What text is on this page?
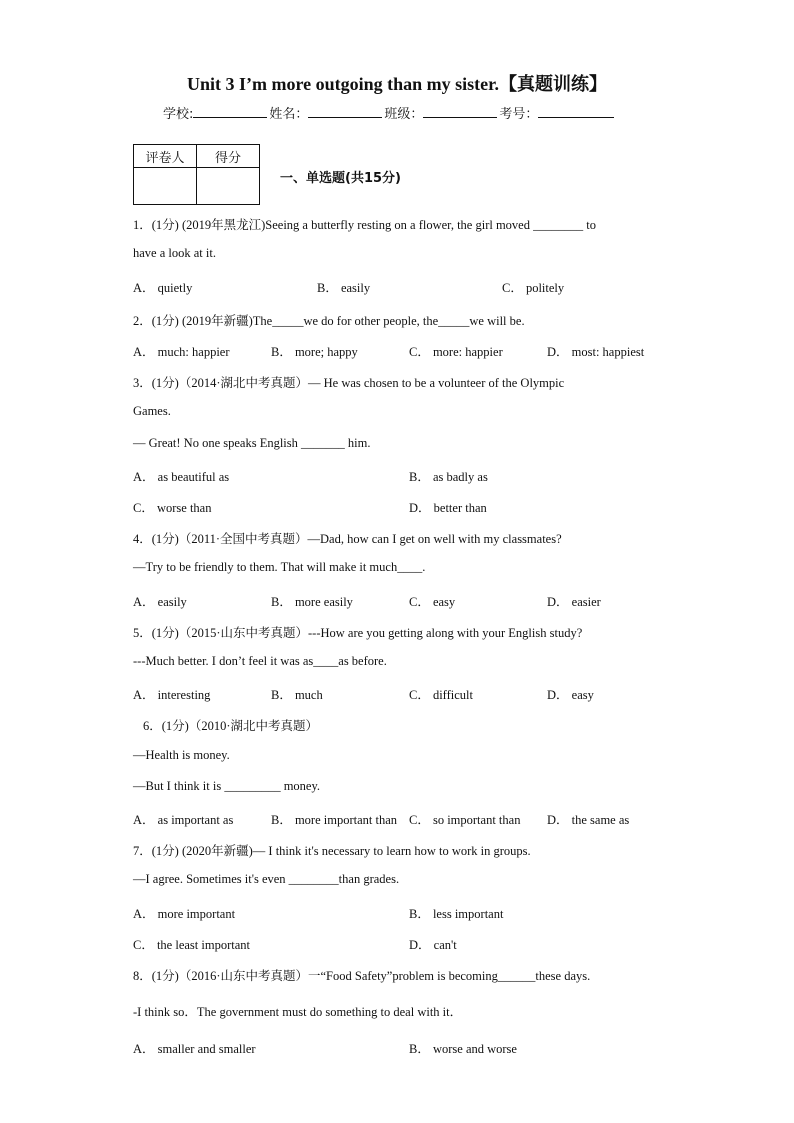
Unit 3 I’m more outgoing than my sister.【真题训练】
学校:	姓名：	班级：	考号：
评卷人	得分

一、单选题(共15分)
1．(1分) (2019年黑龙江)Seeing a butterfly resting on a flower, the girl moved ________ to
have a look at it.
A． quietly	B． easily	C． politely
2．(1分) (2019年新疆)The_____we do for other people, the_____we will be.
A． much: happier	B． more; happy	C． more: happier	D． most: happiest
3．(1分)（2014·湖北中考真题）— He was chosen to be a volunteer of the Olympic
Games.
— Great! No one speaks English _______ him.
A． as beautiful as	B． as badly as
C． worse than	D． better than
4．(1分)（2011·全国中考真题）—Dad, how can I get on well with my classmates?
—Try to be friendly to them. That will make it much____.
A． easily	B． more easily	C． easy	D． easier
5．(1分)（2015·山东中考真题）---How are you getting along with your English study?
---Much better. I don’t feel it was as____as before.
A． interesting	B． much	C． difficult	D． easy
6．(1分)（2010·湖北中考真题）
—Health is money.
—But I think it is _________ money.
A． as important as	B． more important than C． so important than D． the same as
7．(1分) (2020年新疆)— I think it's necessary to learn how to work in groups.
—I agree. Sometimes it's even ________than grades.
A． more important	B． less important
C． the least important	D． can't
8．(1分)（2016·山东中考真题）一“Food Safety”problem is becoming______these days.
-I think so．The government must do something to deal with it．
A． smaller and smaller	B． worse and worse
